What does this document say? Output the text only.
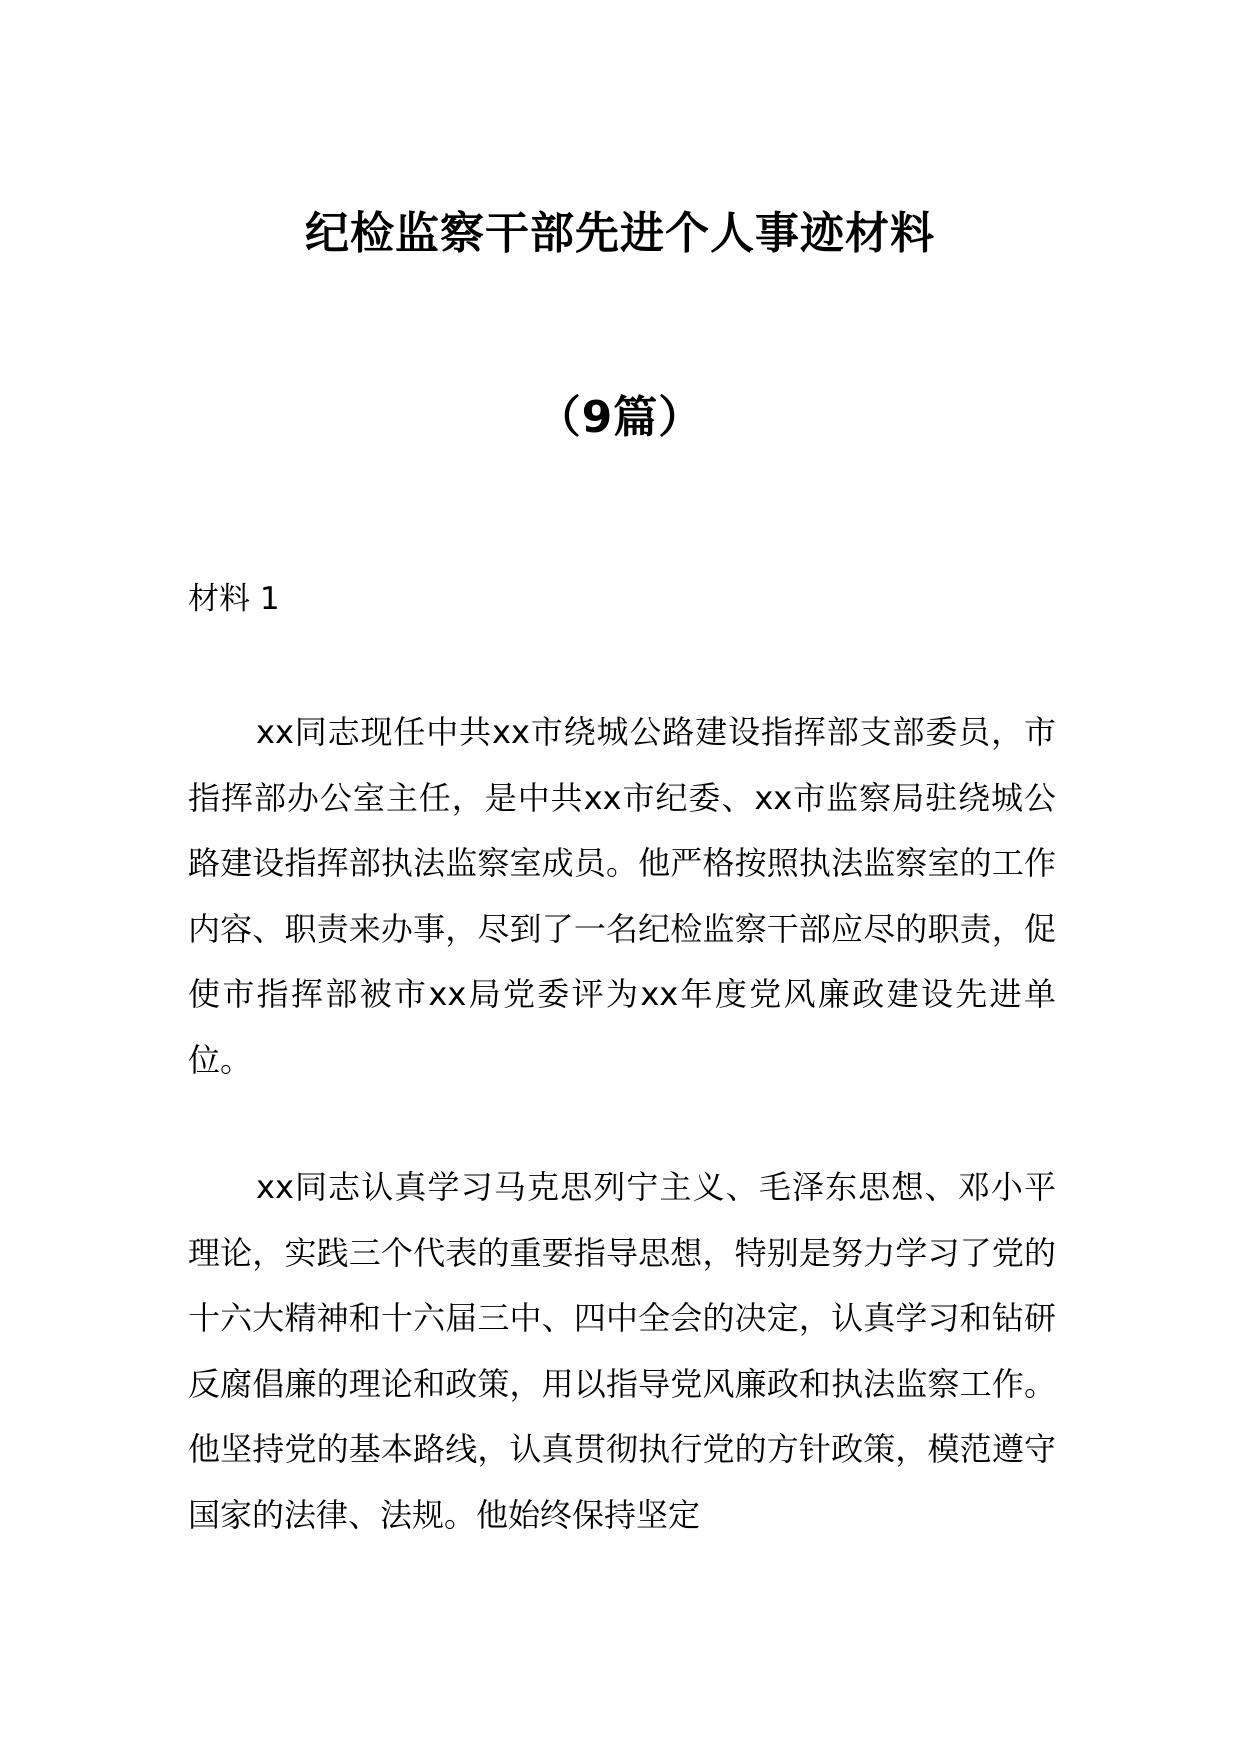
纪检监察干部先进个人事迹材料
（9篇）
材料 1

xx同志现任中共xx市绕城公路建设指挥部支部委员，市指挥部办公室主任，是中共xx市纪委、xx市监察局驻绕城公路建设指挥部执法监察室成员。他严格按照执法监察室的工作内容、职责来办事，尽到了一名纪检监察干部应尽的职责，促使市指挥部被市xx局党委评为xx年度党风廉政建设先进单位。

xx同志认真学习马克思列宁主义、毛泽东思想、邓小平理论，实践三个代表的重要指导思想，特别是努力学习了党的十六大精神和十六届三中、四中全会的决定，认真学习和钻研反腐倡廉的理论和政策，用以指导党风廉政和执法监察工作。他坚持党的基本路线，认真贯彻执行党的方针政策，模范遵守国家的法律、法规。他始终保持坚定
